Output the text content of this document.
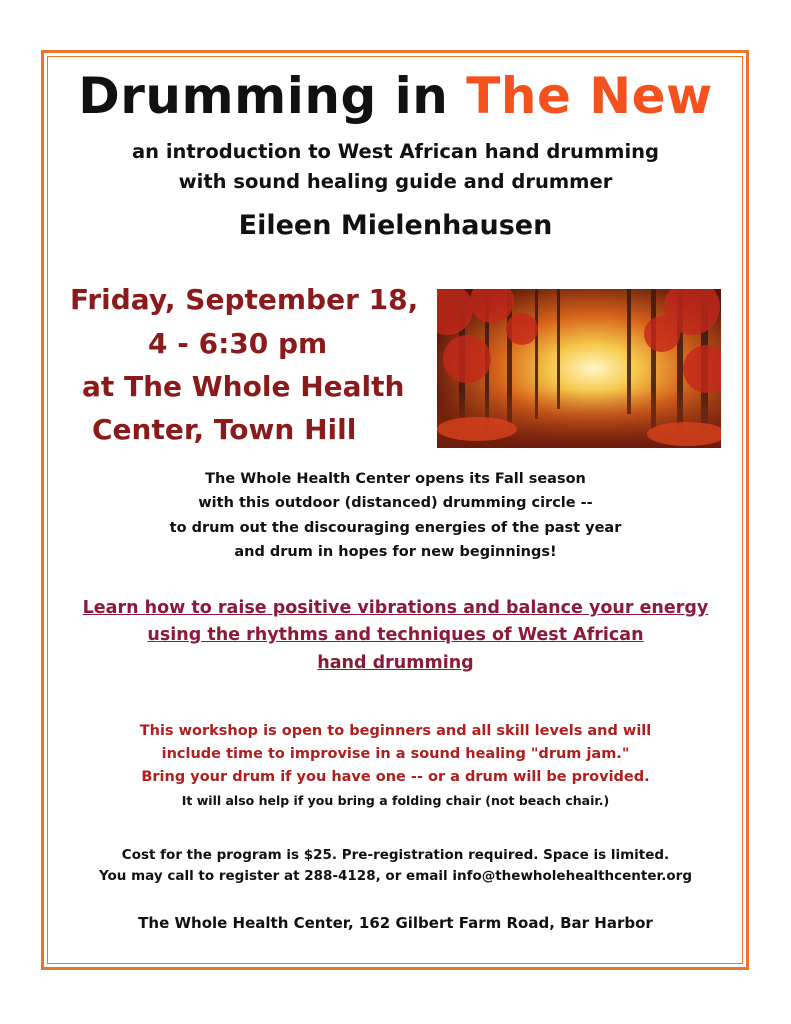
Drumming in The New
an introduction to West African hand drumming
with sound healing guide and drummer
Eileen Mielenhausen
Friday, September 18,
4 - 6:30 pm
at The Whole Health
Center, Town Hill
The Whole Health Center opens its Fall season
with this outdoor (distanced) drumming circle --
to drum out the discouraging energies of the past year
and drum in hopes for new beginnings!
Learn how to raise positive vibrations and balance your energy
using the rhythms and techniques of West African
hand drumming
This workshop is open to beginners and all skill levels and will
include time to improvise in a sound healing "drum jam."
Bring your drum if you have one -- or a drum will be provided.
It will also help if you bring a folding chair (not beach chair.)
Cost for the program is $25. Pre-registration required. Space is limited.
You may call to register at 288-4128, or email info@thewholehealthcenter.org
The Whole Health Center, 162 Gilbert Farm Road, Bar Harbor
